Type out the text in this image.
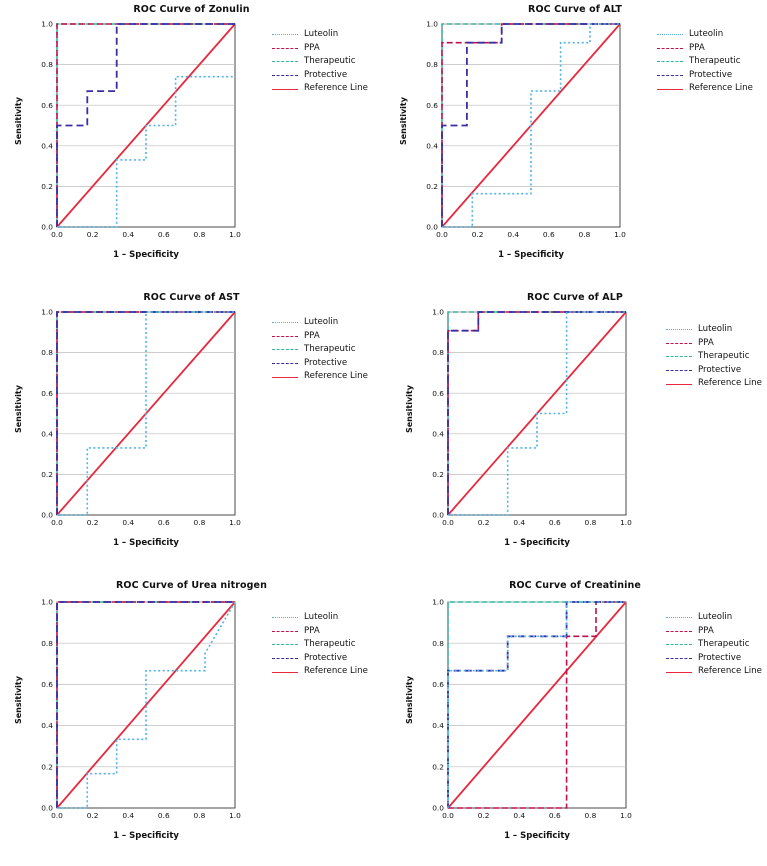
ROC Curve of Zonulin
0.0
0.2
0.4
0.6
0.8
1.0
0.0	0.2	0.4	0.6	0.8	1.0
Sensitivity
1 – Specificity
Luteolin
PPA
Therapeutic
Protective
Reference Line
ROC Curve of ALT
0.0
0.2
0.4
0.6
0.8
1.0
0.0	0.2	0.4	0.6	0.8	1.0
Sensitivity
1 – Specificity
Luteolin
PPA
Therapeutic
Protective
Reference Line
ROC Curve of AST
0.0
0.2
0.4
0.6
0.8
1.0
0.0	0.2	0.4	0.6	0.8	1.0
Sensitivity
1 – Specificity
Luteolin
PPA
Therapeutic
Protective
Reference Line
ROC Curve of ALP
0.0
0.2
0.4
0.6
0.8
1.0
0.0	0.2	0.4	0.6	0.8	1.0
Sensitivity
1 – Specificity
Luteolin
PPA
Therapeutic
Protective
Reference Line
ROC Curve of Urea nitrogen
0.0
0.2
0.4
0.6
0.8
1.0
0.0	0.2	0.4	0.6	0.8	1.0
Sensitivity
1 – Specificity
Luteolin
PPA
Therapeutic
Protective
Reference Line
ROC Curve of Creatinine
0.0
0.2
0.4
0.6
0.8
1.0
0.0	0.2	0.4	0.6	0.8	1.0
Sensitivity
1 – Specificity
Luteolin
PPA
Therapeutic
Protective
Reference Line
